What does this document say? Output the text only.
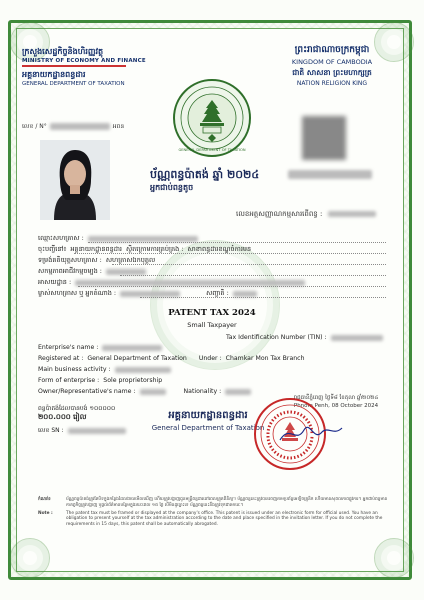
ក្រសួងសេដ្ឋកិច្ចនិងហិរញ្ញវត្ថុ
MINISTRY OF ECONOMY AND FINANCE
អគ្គនាយកដ្ឋានពន្ធដារ
GENERAL DEPARTMENT OF TAXATION
លេខ / N°	អពន
ព្រះរាជាណាចក្រកម្ពុជា
KINGDOM OF CAMBODIA
ជាតិ សាសនា ព្រះមហាក្សត្រ
NATION RELIGION KING
GENERAL DEPARTMENT OF TAXATION
ប័ណ្ណពន្ធប៉ាតង់ ឆ្នាំ ២០២៤
អ្នកជាប់ពន្ធតូច
លេខអត្តសញ្ញាណកម្មសារពើពន្ធ :
ឈ្មោះសហគ្រាស :
ចុះបញ្ជីនៅ៖ អគ្គនាយកដ្ឋានពន្ធដារ ស្ថិតក្រោមការគ្រប់គ្រង : សាខាពន្ធដារខណ្ឌចំការមន
ទម្រង់គតិយុត្តសហគ្រាស : សហគ្រាសឯកបុគ្គល
សកម្មភាពអាជីវកម្មចម្បង :
អាសយដ្ឋាន :
ម្ចាស់សហគ្រាស ឬ អ្នកតំណាង :	សញ្ជាតិ :
PATENT TAX 2024
Small Taxpayer
Tax Identification Number (TIN) :
Enterprise's name :
Registered at : General Department of Taxation Under : Chamkar Mon Tax Branch
Main business activity :
Form of enterprise : Sole proprietorship
Owner/Representative's name :	Nationality :
ពន្ធប៉ាតង់ដែលបានបង់ ១០០​០០០
២០០.០០០ រៀល
លេខ SN :
អគ្គនាយកដ្ឋានពន្ធដារ
General Department of Taxation
រាជធានីភ្នំពេញ ថ្ងៃទី៨ ខែតុលា ឆ្នាំ២០២៤
Phnom Penh, 08 October 2024
កំណត់៖	ប័ណ្ណពន្ធប៉ាតង់ត្រូវតែបិទក្នុងកន្លែងដែលងាយមើលឃើញ ហើយត្រូវបង្ហាញជូនមន្ត្រីពន្ធដារនៅពេលត្រួតពិនិត្យ។ ប័ណ្ណពន្ធនេះត្រូវបានចេញតាមប្រព័ន្ធអេឡិចត្រូនិក ហើយមានសុពលភាពផ្លូវការ។ អ្នកជាប់ពន្ធមានកាតព្វកិច្ចត្រូវបង្ហាញ ឬផ្តល់ព័ត៌មានបន្ថែមក្នុងរយៈពេល ១៥ ថ្ងៃ បើមិនដូច្នោះទេ ប័ណ្ណពន្ធនេះនឹងត្រូវទុកជាមោឃៈ។
Note :	The patent tax must be framed or displayed at the company's office. This patent is issued under an electronic form for official used. You have an obligation to present yourself at the tax administration according to the date and place specified in the invitation letter. If you do not complete the requirements in 15 days, this patent shall be automatically abrogated.
